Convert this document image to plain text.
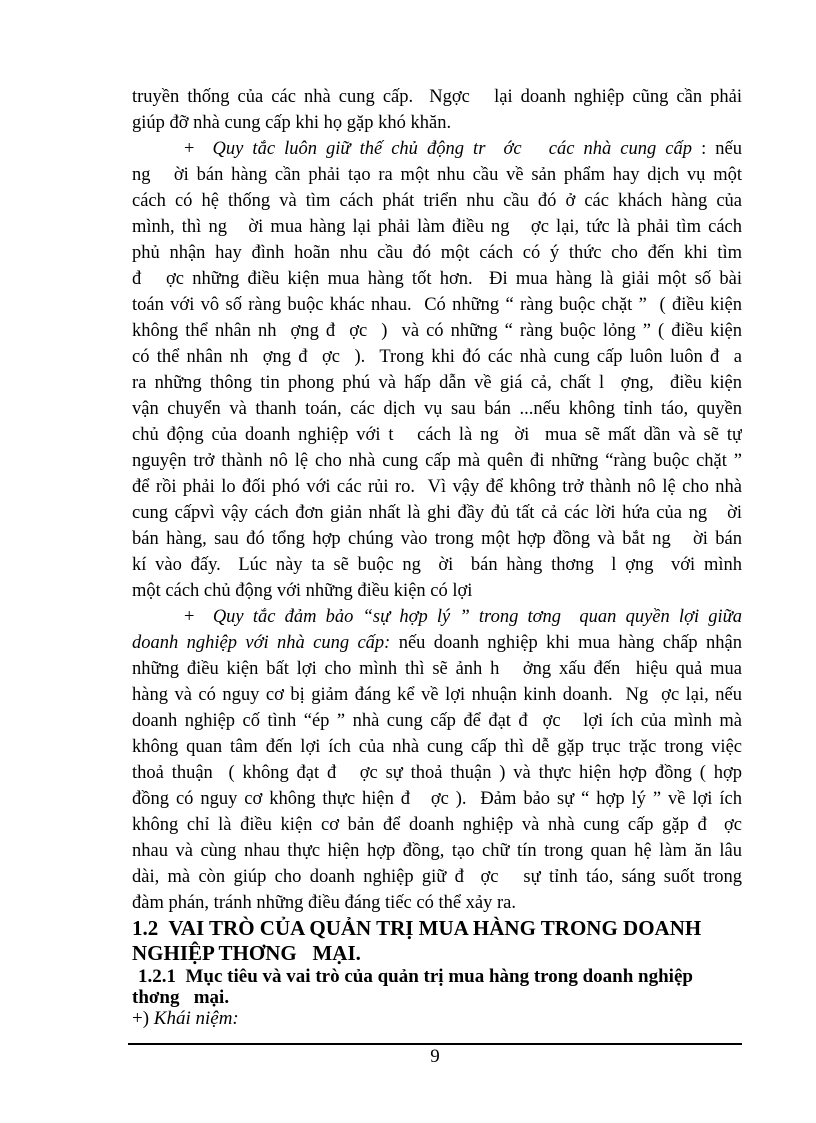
truyền thống của các nhà cung cấp.  Ngợc   lại doanh nghiệp cũng cần phải
giúp đỡ nhà cung cấp khi họ gặp khó khăn.
+  Quy tắc luôn giữ thế chủ động tr  ớc   các nhà cung cấp : nếu
ng   ời bán hàng cần phải tạo ra một nhu cầu về sản phẩm hay dịch vụ một
cách có hệ thống và tìm cách phát triển nhu cầu đó ở các khách hàng của
mình, thì ng   ời mua hàng lại phải làm điều ng   ợc lại, tức là phải tìm cách
phủ nhận hay đình hoãn nhu cầu đó một cách có ý thức cho đến khi tìm
đ   ợc những điều kiện mua hàng tốt hơn.  Đi mua hàng là giải một số bài
toán với vô số ràng buộc khác nhau.  Có những “ ràng buộc chặt ”  ( điều kiện
không thể nhân nh  ợng đ  ợc  )  và có những “ ràng buộc lỏng ” ( điều kiện
có thể nhân nh  ợng đ  ợc  ).  Trong khi đó các nhà cung cấp luôn luôn đ  a
ra những thông tin phong phú và hấp dẫn về giá cả, chất l  ợng,  điều kiện
vận chuyển và thanh toán, các dịch vụ sau bán ...nếu không tỉnh táo, quyền
chủ động của doanh nghiệp với t   cách là ng  ời  mua sẽ mất dần và sẽ tự
nguyện trở thành nô lệ cho nhà cung cấp mà quên đi những “ràng buộc chặt ”
để rồi phải lo đối phó với các rủi ro.  Vì vậy để không trở thành nô lệ cho nhà
cung cấpvì vậy cách đơn giản nhất là ghi đầy đủ tất cả các lời hứa của ng   ời
bán hàng, sau đó tổng hợp chúng vào trong một hợp đồng và bắt ng   ời bán
kí vào đấy.  Lúc này ta sẽ buộc ng  ời  bán hàng thơng  l ợng  với mình
một cách chủ động với những điều kiện có lợi
+  Quy tắc đảm bảo “sự hợp lý ” trong tơng  quan quyền lợi giữa
doanh nghiệp với nhà cung cấp: nếu doanh nghiệp khi mua hàng chấp nhận
những điều kiện bất lợi cho mình thì sẽ ảnh h   ởng xấu đến  hiệu quả mua
hàng và có nguy cơ bị giảm đáng kể về lợi nhuận kinh doanh.  Ng  ợc lại, nếu
doanh nghiệp cố tình “ép ” nhà cung cấp để đạt đ  ợc   lợi ích của mình mà
không quan tâm đến lợi ích của nhà cung cấp thì dễ gặp trục trặc trong việc
thoả thuận  ( không đạt đ   ợc sự thoả thuận ) và thực hiện hợp đồng ( hợp
đồng có nguy cơ không thực hiện đ   ợc ).  Đảm bảo sự “ hợp lý ” về lợi ích
không chỉ là điều kiện cơ bản để doanh nghiệp và nhà cung cấp gặp đ  ợc
nhau và cùng nhau thực hiện hợp đồng, tạo chữ tín trong quan hệ làm ăn lâu
dài, mà còn giúp cho doanh nghiệp giữ đ  ợc   sự tỉnh táo, sáng suốt trong
đàm phán, tránh những điều đáng tiếc có thể xảy ra.
1.2  VAI TRÒ CỦA QUẢN TRỊ MUA HÀNG TRONG DOANH
NGHIỆP THƠNG   MẠI.
1.2.1  Mục tiêu và vai trò của quản trị mua hàng trong doanh nghiệp
thơng   mại.
+) Khái niệm:
9
